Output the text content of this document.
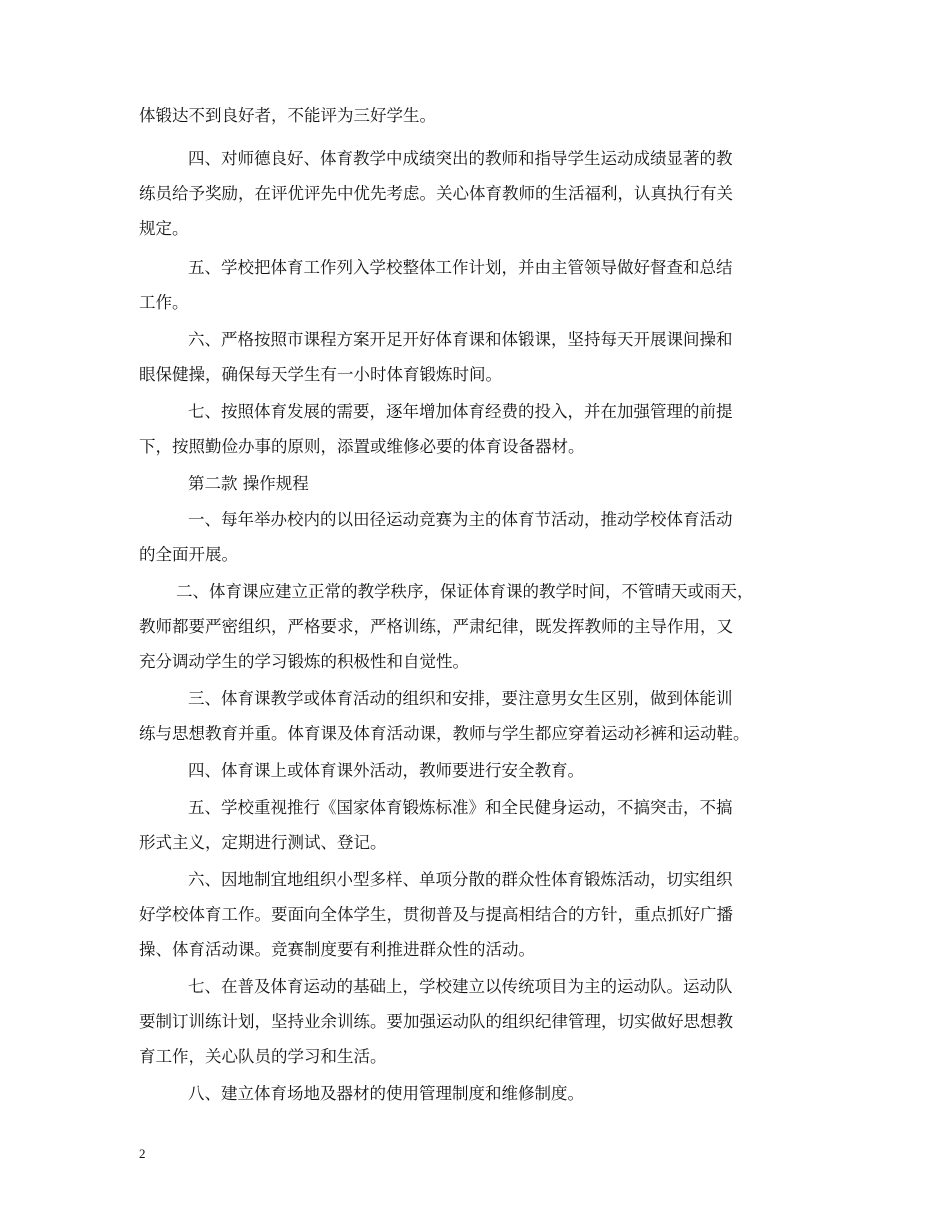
体锻达不到良好者，不能评为三好学生。
四、对师德良好、体育教学中成绩突出的教师和指导学生运动成绩显著的教
练员给予奖励，在评优评先中优先考虑。关心体育教师的生活福利，认真执行有关
规定。
五、学校把体育工作列入学校整体工作计划，并由主管领导做好督查和总结
工作。
六、严格按照市课程方案开足开好体育课和体锻课，坚持每天开展课间操和
眼保健操，确保每天学生有一小时体育锻炼时间。
七、按照体育发展的需要，逐年增加体育经费的投入，并在加强管理的前提
下，按照勤俭办事的原则，添置或维修必要的体育设备器材。
第二款 操作规程
一、每年举办校内的以田径运动竞赛为主的体育节活动，推动学校体育活动
的全面开展。
二、体育课应建立正常的教学秩序，保证体育课的教学时间，不管晴天或雨天，
教师都要严密组织，严格要求，严格训练，严肃纪律，既发挥教师的主导作用，又
充分调动学生的学习锻炼的积极性和自觉性。
三、体育课教学或体育活动的组织和安排，要注意男女生区别，做到体能训
练与思想教育并重。体育课及体育活动课，教师与学生都应穿着运动衫裤和运动鞋。
四、体育课上或体育课外活动，教师要进行安全教育。
五、学校重视推行《国家体育锻炼标准》和全民健身运动，不搞突击，不搞
形式主义，定期进行测试、登记。
六、因地制宜地组织小型多样、单项分散的群众性体育锻炼活动，切实组织
好学校体育工作。要面向全体学生，贯彻普及与提高相结合的方针，重点抓好广播
操、体育活动课。竞赛制度要有利推进群众性的活动。
七、在普及体育运动的基础上，学校建立以传统项目为主的运动队。运动队
要制订训练计划，坚持业余训练。要加强运动队的组织纪律管理，切实做好思想教
育工作，关心队员的学习和生活。
八、建立体育场地及器材的使用管理制度和维修制度。
2
